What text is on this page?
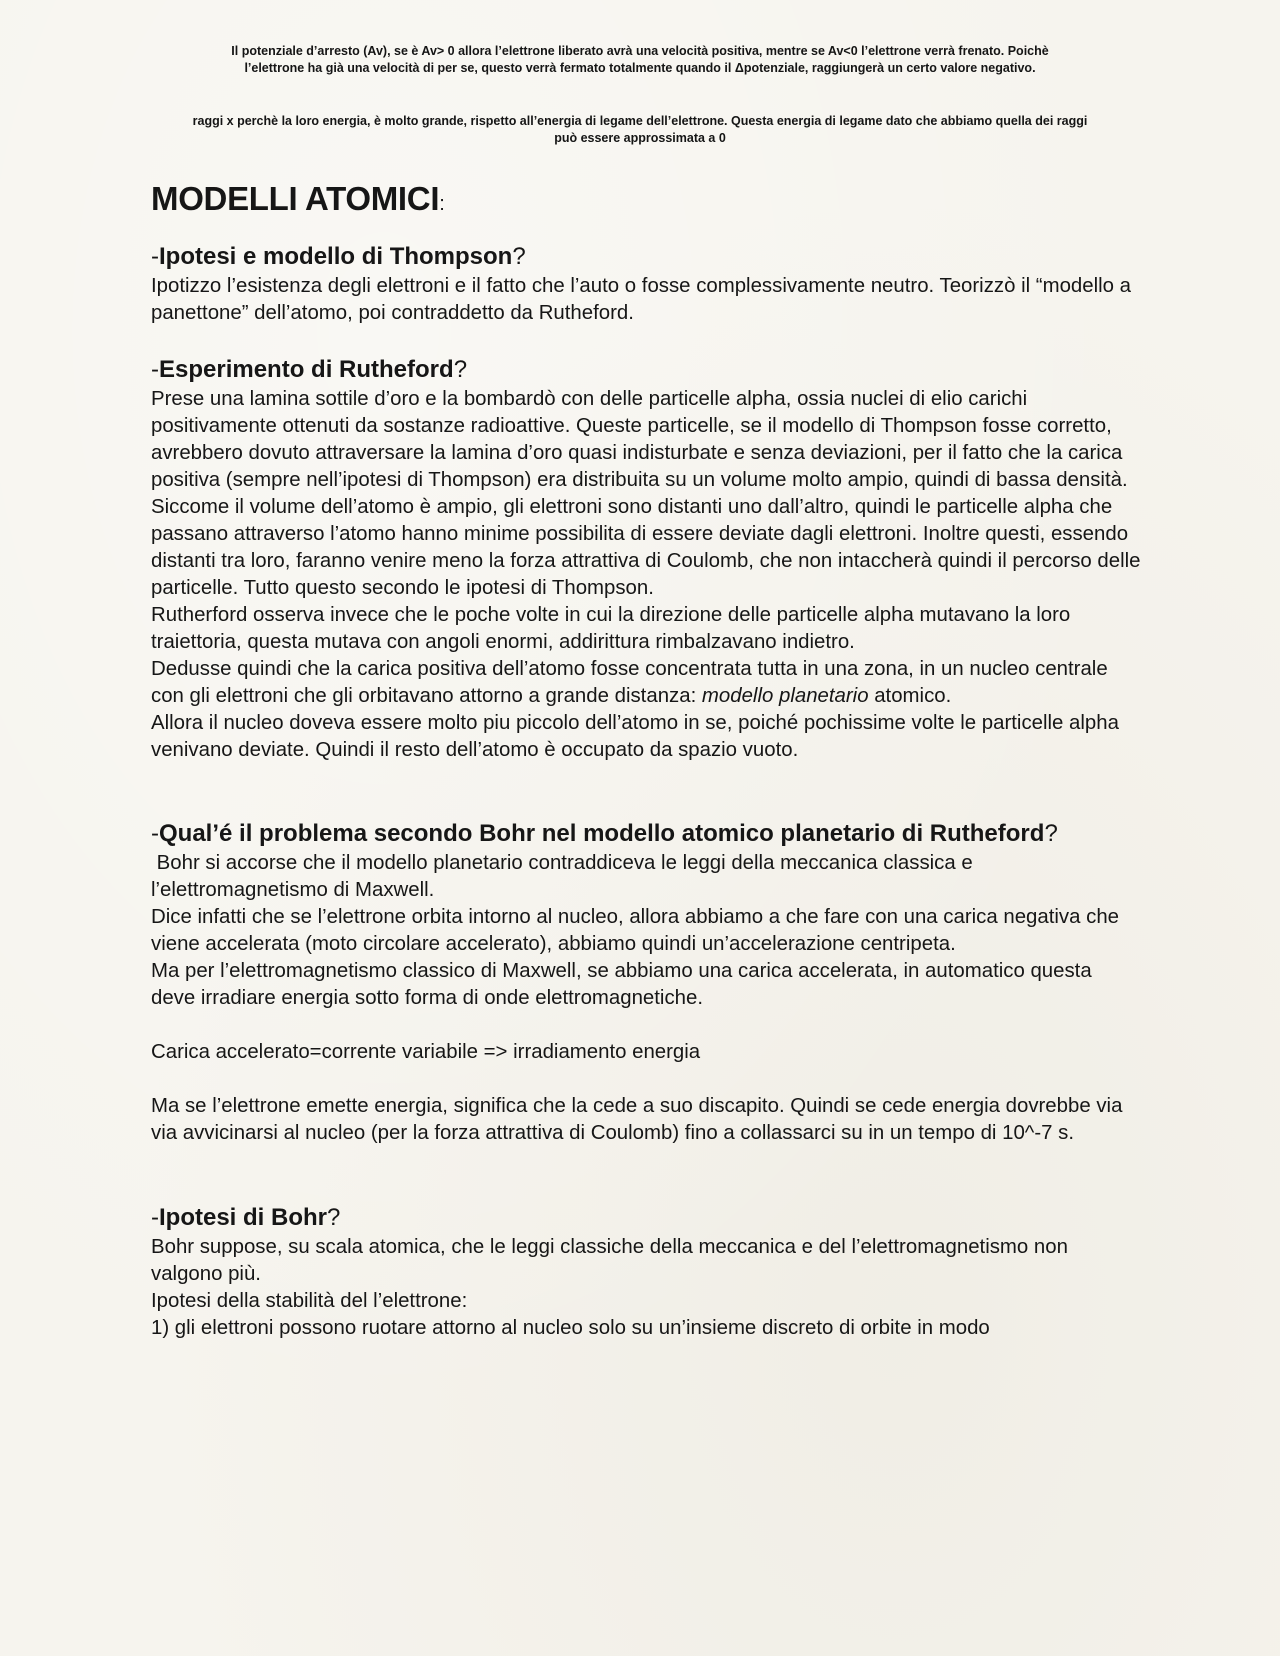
Il potenziale d’arresto (Av), se è Av> 0 allora l’elettrone liberato avrà una velocità positiva, mentre se Av<0 l’elettrone verrà frenato. Poichè

l’elettrone ha già una velocità di per se, questo verrà fermato totalmente quando il Δpotenziale, raggiungerà un certo valore negativo.

raggi x perchè la loro energia, è molto grande, rispetto all’energia di legame dell’elettrone. Questa energia di legame dato che abbiamo quella dei raggi

può essere approssimata a 0

MODELLI ATOMICI:
-Ipotesi e modello di Thompson?

Ipotizzo l’esistenza degli elettroni e il fatto che l’auto o fosse complessivamente neutro. Teorizzò il “modello a panettone” dell’atomo, poi contraddetto da Rutheford.

-Esperimento di Rutheford?

Prese una lamina sottile d’oro e la bombardò con delle particelle alpha, ossia nuclei di elio carichi positivamente ottenuti da sostanze radioattive. Queste particelle, se il modello di Thompson fosse corretto, avrebbero dovuto attraversare la lamina d’oro quasi indisturbate e senza deviazioni, per il fatto che la carica positiva (sempre nell’ipotesi di Thompson) era distribuita su un volume molto ampio, quindi di bassa densità. Siccome il volume dell’atomo è ampio, gli elettroni sono distanti uno dall’altro, quindi le particelle alpha che passano attraverso l’atomo hanno minime possibilita di essere deviate dagli elettroni. Inoltre questi, essendo distanti tra loro, faranno venire meno la forza attrattiva di Coulomb, che non intaccherà quindi il percorso delle particelle. Tutto questo secondo le ipotesi di Thompson.

Rutherford osserva invece che le poche volte in cui la direzione delle particelle alpha mutavano la loro traiettoria, questa mutava con angoli enormi, addirittura rimbalzavano indietro.

Dedusse quindi che la carica positiva dell’atomo fosse concentrata tutta in una zona, in un nucleo centrale con gli elettroni che gli orbitavano attorno a grande distanza: modello planetario atomico.

Allora il nucleo doveva essere molto piu piccolo dell’atomo in se, poiché pochissime volte le particelle alpha venivano deviate. Quindi il resto dell’atomo è occupato da spazio vuoto.

-Qual’é il problema secondo Bohr nel modello atomico planetario di Rutheford?

Bohr si accorse che il modello planetario contraddiceva le leggi della meccanica classica e l’elettromagnetismo di Maxwell.

Dice infatti che se l’elettrone orbita intorno al nucleo, allora abbiamo a che fare con una carica negativa che viene accelerata (moto circolare accelerato), abbiamo quindi un’accelerazione centripeta.

Ma per l’elettromagnetismo classico di Maxwell, se abbiamo una carica accelerata, in automatico questa deve irradiare energia sotto forma di onde elettromagnetiche.

Carica accelerato=corrente variabile => irradiamento energia

Ma se l’elettrone emette energia, significa che la cede a suo discapito. Quindi se cede energia dovrebbe via via avvicinarsi al nucleo (per la forza attrattiva di Coulomb) fino a collassarci su in un tempo di 10^-7 s.

-Ipotesi di Bohr?

Bohr suppose, su scala atomica, che le leggi classiche della meccanica e del l’elettromagnetismo non valgono più.

Ipotesi della stabilità del l’elettrone:

1) gli elettroni possono ruotare attorno al nucleo solo su un’insieme discreto di orbite in modo
